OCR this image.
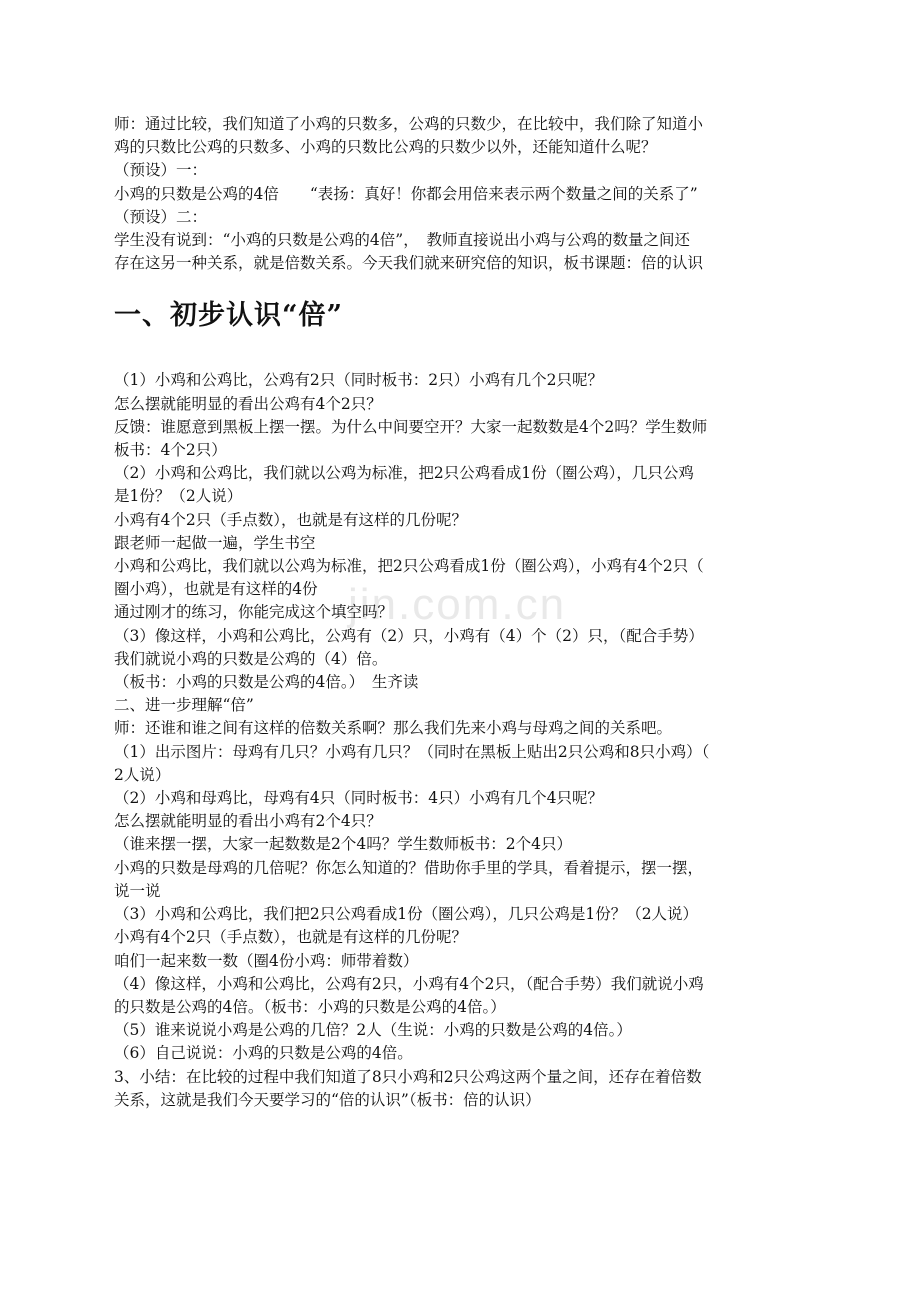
jin.com.cn

师：通过比较，我们知道了小鸡的只数多，公鸡的只数少，在比较中，我们除了知道小

鸡的只数比公鸡的只数多、小鸡的只数比公鸡的只数少以外，还能知道什么呢？

（预设）一：

小鸡的只数是公鸡的4倍　　“表扬：真好！你都会用倍来表示两个数量之间的关系了”

（预设）二：

学生没有说到：“小鸡的只数是公鸡的4倍”，　教师直接说出小鸡与公鸡的数量之间还

存在这另一种关系，就是倍数关系。今天我们就来研究倍的知识，板书课题：倍的认识

一、初步认识“倍”

（1）小鸡和公鸡比，公鸡有2只（同时板书：2只）小鸡有几个2只呢？

怎么摆就能明显的看出公鸡有4个2只？

反馈：谁愿意到黑板上摆一摆。为什么中间要空开？大家一起数数是4个2吗？学生数师

板书：4个2只）

（2）小鸡和公鸡比，我们就以公鸡为标准，把2只公鸡看成1份（圈公鸡），几只公鸡

是1份？（2人说）

小鸡有4个2只（手点数），也就是有这样的几份呢？

跟老师一起做一遍，学生书空

小鸡和公鸡比，我们就以公鸡为标准，把2只公鸡看成1份（圈公鸡），小鸡有4个2只（

圈小鸡），也就是有这样的4份

通过刚才的练习，你能完成这个填空吗？

（3）像这样，小鸡和公鸡比，公鸡有（2）只，小鸡有（4）个（2）只，（配合手势）

我们就说小鸡的只数是公鸡的（4）倍。

（板书：小鸡的只数是公鸡的4倍。）　生齐读

二、进一步理解“倍”

师：还谁和谁之间有这样的倍数关系啊？那么我们先来小鸡与母鸡之间的关系吧。

（1）出示图片：母鸡有几只？小鸡有几只？（同时在黑板上贴出2只公鸡和8只小鸡）（

2人说）

（2）小鸡和母鸡比，母鸡有4只（同时板书：4只）小鸡有几个4只呢？

怎么摆就能明显的看出小鸡有2个4只？

（谁来摆一摆，大家一起数数是2个4吗？学生数师板书：2个4只）

小鸡的只数是母鸡的几倍呢？你怎么知道的？借助你手里的学具，看着提示，摆一摆，

说一说

（3）小鸡和公鸡比，我们把2只公鸡看成1份（圈公鸡），几只公鸡是1份？（2人说）

小鸡有4个2只（手点数），也就是有这样的几份呢？

咱们一起来数一数（圈4份小鸡：师带着数）

（4）像这样，小鸡和公鸡比，公鸡有2只，小鸡有4个2只，（配合手势）我们就说小鸡

的只数是公鸡的4倍。（板书：小鸡的只数是公鸡的4倍。）

（5）谁来说说小鸡是公鸡的几倍？2人（生说：小鸡的只数是公鸡的4倍。）

（6）自己说说：小鸡的只数是公鸡的4倍。

3、小结：在比较的过程中我们知道了8只小鸡和2只公鸡这两个量之间，还存在着倍数

关系，这就是我们今天要学习的“倍的认识”（板书：倍的认识）
